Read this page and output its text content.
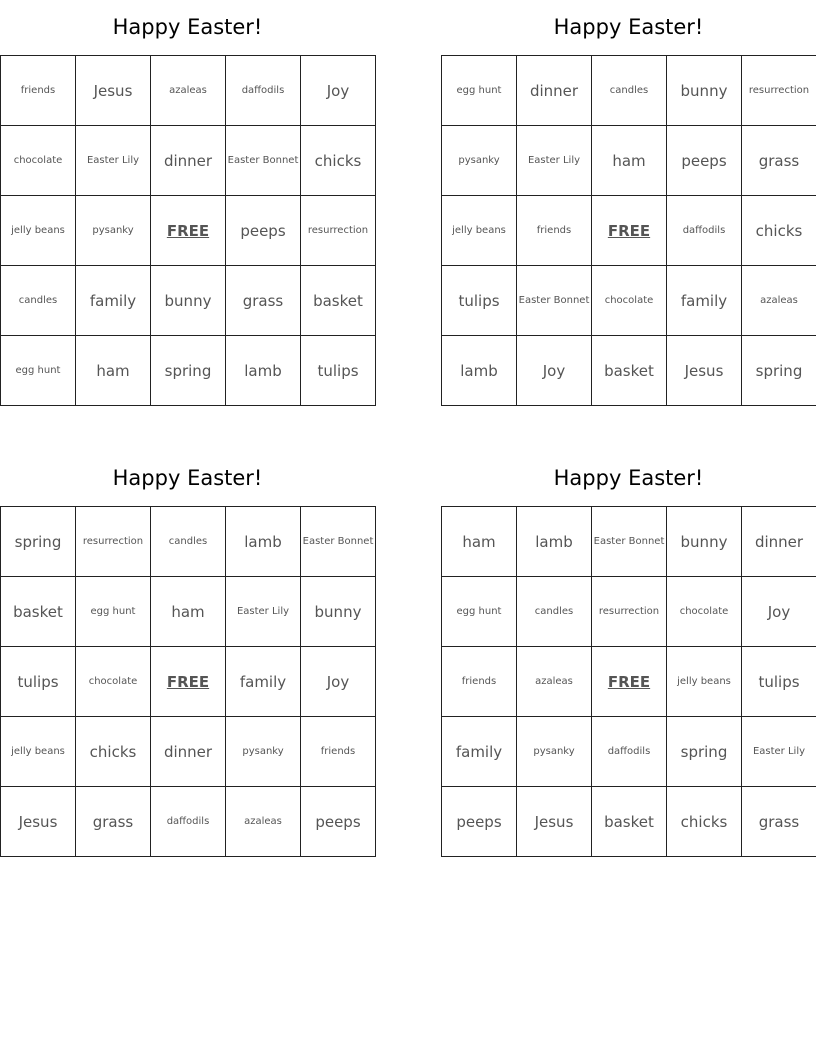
Happy Easter!
friends	Jesus	azaleas	daffodils	Joy
chocolate	Easter Lily	dinner	Easter Bonnet	chicks
jelly beans	pysanky	FREE	peeps	resurrection
candles	family	bunny	grass	basket
egg hunt	ham	spring	lamb	tulips
Happy Easter!
egg hunt	dinner	candles	bunny	resurrection
pysanky	Easter Lily	ham	peeps	grass
jelly beans	friends	FREE	daffodils	chicks
tulips	Easter Bonnet	chocolate	family	azaleas
lamb	Joy	basket	Jesus	spring
Happy Easter!
spring	resurrection	candles	lamb	Easter Bonnet
basket	egg hunt	ham	Easter Lily	bunny
tulips	chocolate	FREE	family	Joy
jelly beans	chicks	dinner	pysanky	friends
Jesus	grass	daffodils	azaleas	peeps
Happy Easter!
ham	lamb	Easter Bonnet	bunny	dinner
egg hunt	candles	resurrection	chocolate	Joy
friends	azaleas	FREE	jelly beans	tulips
family	pysanky	daffodils	spring	Easter Lily
peeps	Jesus	basket	chicks	grass
